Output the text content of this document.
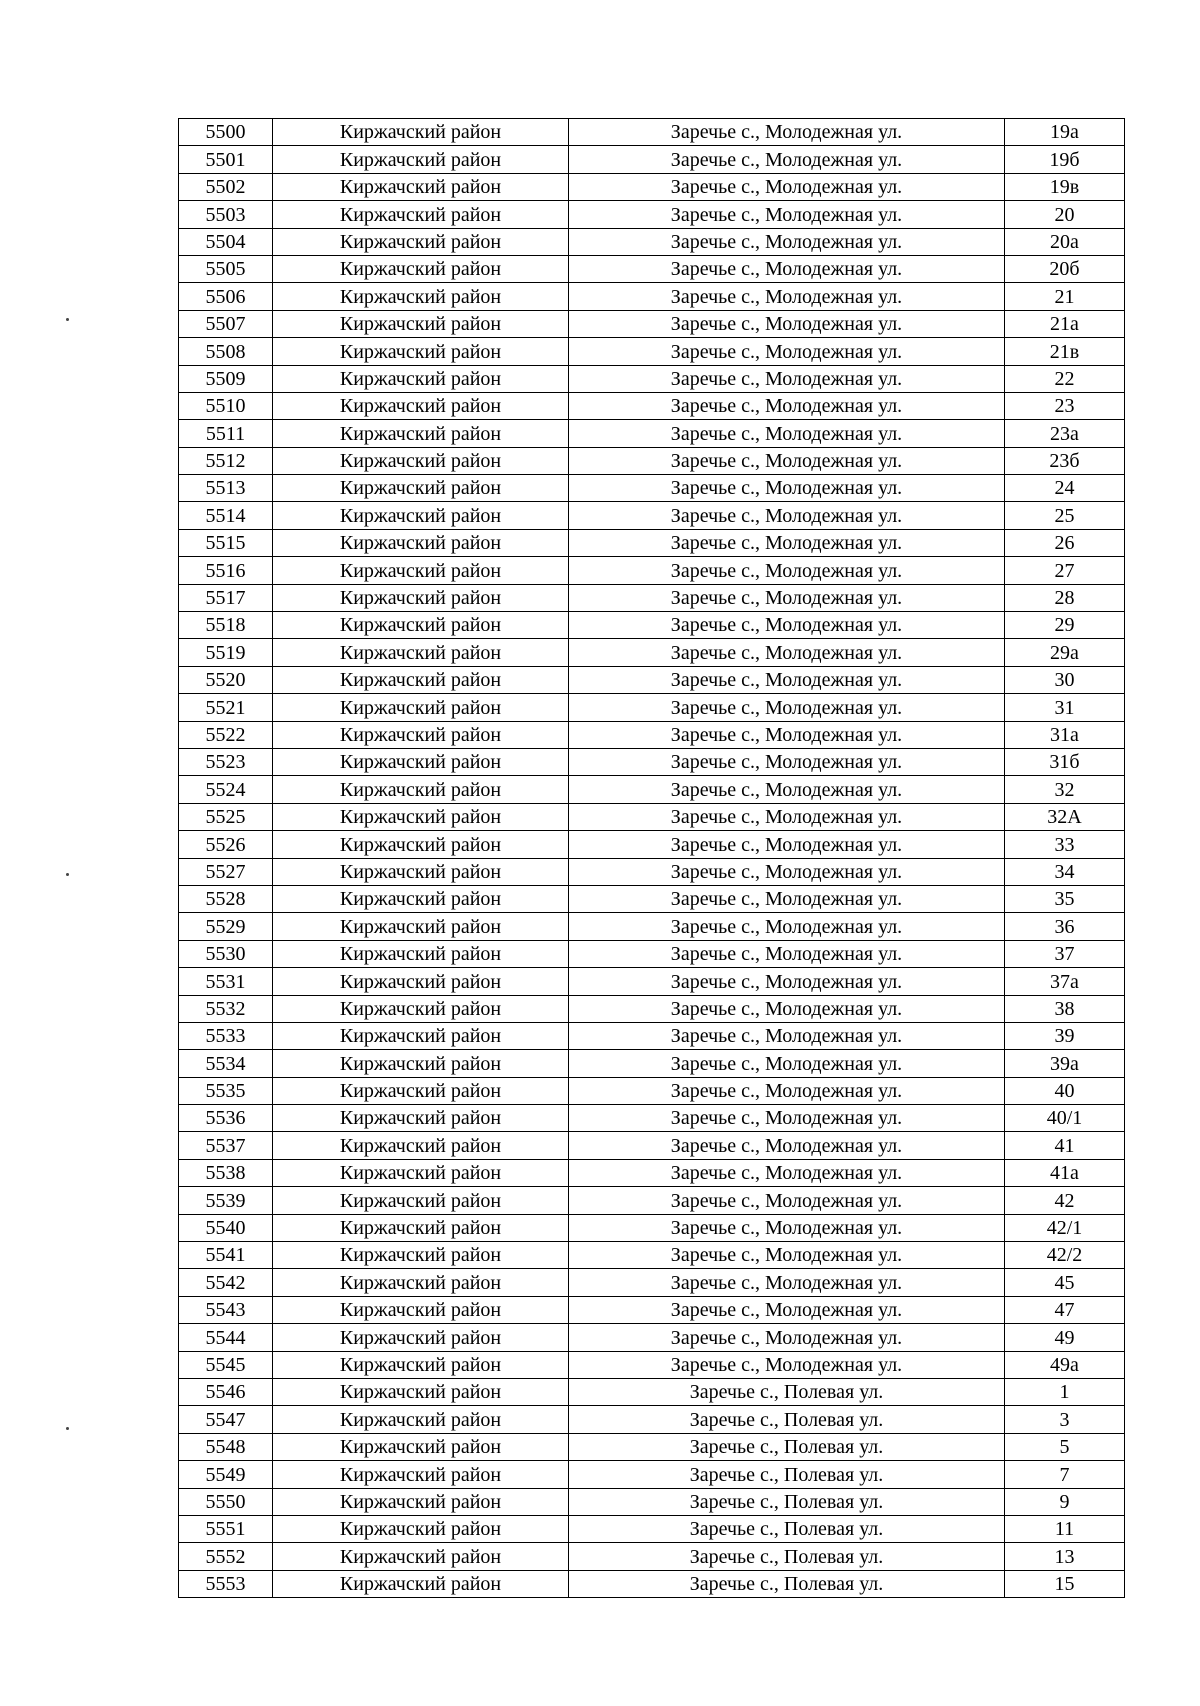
5500	Киржачский район	Заречье с., Молодежная ул.	19а
5501	Киржачский район	Заречье с., Молодежная ул.	19б
5502	Киржачский район	Заречье с., Молодежная ул.	19в
5503	Киржачский район	Заречье с., Молодежная ул.	20
5504	Киржачский район	Заречье с., Молодежная ул.	20а
5505	Киржачский район	Заречье с., Молодежная ул.	20б
5506	Киржачский район	Заречье с., Молодежная ул.	21
5507	Киржачский район	Заречье с., Молодежная ул.	21а
5508	Киржачский район	Заречье с., Молодежная ул.	21в
5509	Киржачский район	Заречье с., Молодежная ул.	22
5510	Киржачский район	Заречье с., Молодежная ул.	23
5511	Киржачский район	Заречье с., Молодежная ул.	23а
5512	Киржачский район	Заречье с., Молодежная ул.	23б
5513	Киржачский район	Заречье с., Молодежная ул.	24
5514	Киржачский район	Заречье с., Молодежная ул.	25
5515	Киржачский район	Заречье с., Молодежная ул.	26
5516	Киржачский район	Заречье с., Молодежная ул.	27
5517	Киржачский район	Заречье с., Молодежная ул.	28
5518	Киржачский район	Заречье с., Молодежная ул.	29
5519	Киржачский район	Заречье с., Молодежная ул.	29а
5520	Киржачский район	Заречье с., Молодежная ул.	30
5521	Киржачский район	Заречье с., Молодежная ул.	31
5522	Киржачский район	Заречье с., Молодежная ул.	31а
5523	Киржачский район	Заречье с., Молодежная ул.	31б
5524	Киржачский район	Заречье с., Молодежная ул.	32
5525	Киржачский район	Заречье с., Молодежная ул.	32А
5526	Киржачский район	Заречье с., Молодежная ул.	33
5527	Киржачский район	Заречье с., Молодежная ул.	34
5528	Киржачский район	Заречье с., Молодежная ул.	35
5529	Киржачский район	Заречье с., Молодежная ул.	36
5530	Киржачский район	Заречье с., Молодежная ул.	37
5531	Киржачский район	Заречье с., Молодежная ул.	37а
5532	Киржачский район	Заречье с., Молодежная ул.	38
5533	Киржачский район	Заречье с., Молодежная ул.	39
5534	Киржачский район	Заречье с., Молодежная ул.	39а
5535	Киржачский район	Заречье с., Молодежная ул.	40
5536	Киржачский район	Заречье с., Молодежная ул.	40/1
5537	Киржачский район	Заречье с., Молодежная ул.	41
5538	Киржачский район	Заречье с., Молодежная ул.	41а
5539	Киржачский район	Заречье с., Молодежная ул.	42
5540	Киржачский район	Заречье с., Молодежная ул.	42/1
5541	Киржачский район	Заречье с., Молодежная ул.	42/2
5542	Киржачский район	Заречье с., Молодежная ул.	45
5543	Киржачский район	Заречье с., Молодежная ул.	47
5544	Киржачский район	Заречье с., Молодежная ул.	49
5545	Киржачский район	Заречье с., Молодежная ул.	49а
5546	Киржачский район	Заречье с., Полевая ул.	1
5547	Киржачский район	Заречье с., Полевая ул.	3
5548	Киржачский район	Заречье с., Полевая ул.	5
5549	Киржачский район	Заречье с., Полевая ул.	7
5550	Киржачский район	Заречье с., Полевая ул.	9
5551	Киржачский район	Заречье с., Полевая ул.	11
5552	Киржачский район	Заречье с., Полевая ул.	13
5553	Киржачский район	Заречье с., Полевая ул.	15
